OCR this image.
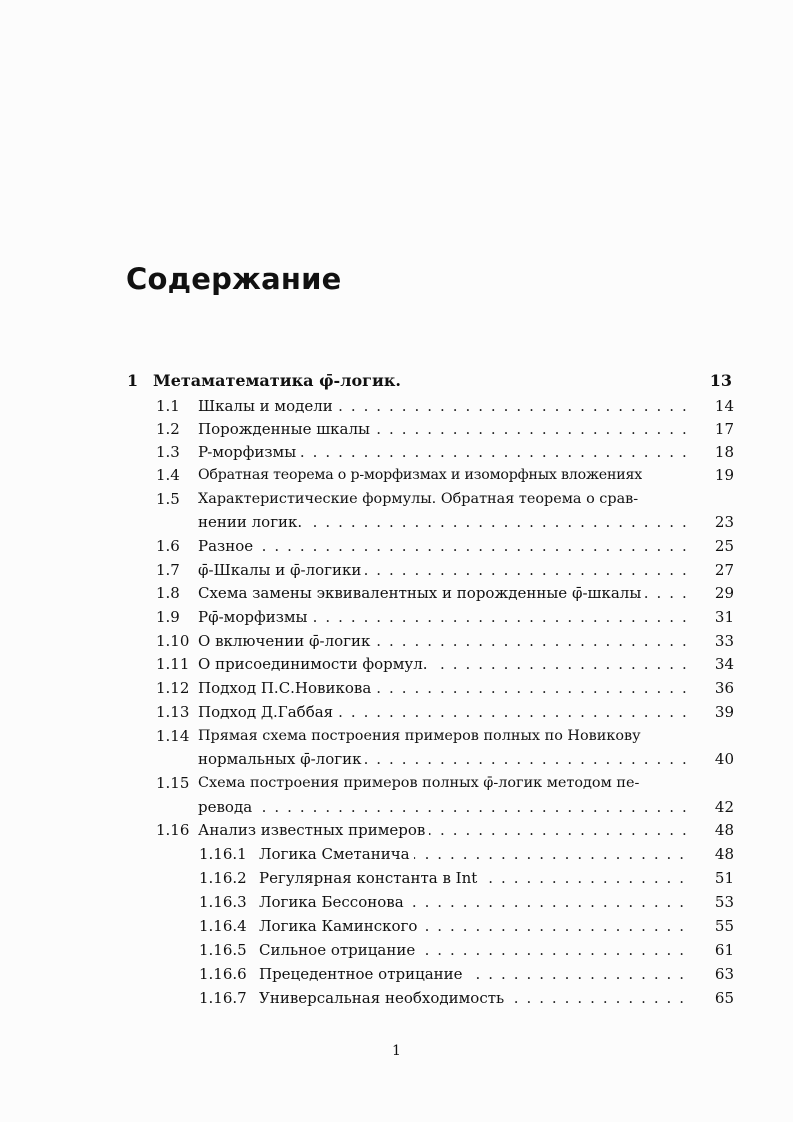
Содержание
1 Метаматематика φ̄-логик.	13
1.1 Шкалы и модели . . .	14
1.2 Порожденные шкалы . . .	17
1.3 P-морфизмы . . .	18
1.4 Обратная теорема о p-морфизмах и изоморфных вложениях	19
1.5 Характеристические формулы. Обратная теорема о срав-
нении логик. . . .	23
1.6 Разное . . .	25
1.7 φ̄-Шкалы и φ̄-логики . . .	27
1.8 Схема замены эквивалентных и порожденные φ̄-шкалы . . .	29
1.9 Pφ̄-морфизмы . . .	31
1.10 О включении φ̄-логик . . .	33
1.11 О присоединимости формул. . . .	34
1.12 Подход П.С.Новикова . . .	36
1.13 Подход Д.Габбая . . .	39
1.14 Прямая схема построения примеров полных по Новикову
нормальных φ̄-логик . . .	40
1.15 Схема построения примеров полных φ̄-логик методом пе-
ревода . . .	42
1.16 Анализ известных примеров . . .	48
1.16.1 Логика Сметанича . . .	48
1.16.2 Регулярная константа в Int . . .	51
1.16.3 Логика Бессонова . . .	53
1.16.4 Логика Каминского . . .	55
1.16.5 Сильное отрицание . . .	61
1.16.6 Прецедентное отрицание . . .	63
1.16.7 Универсальная необходимость . . .	65
1
